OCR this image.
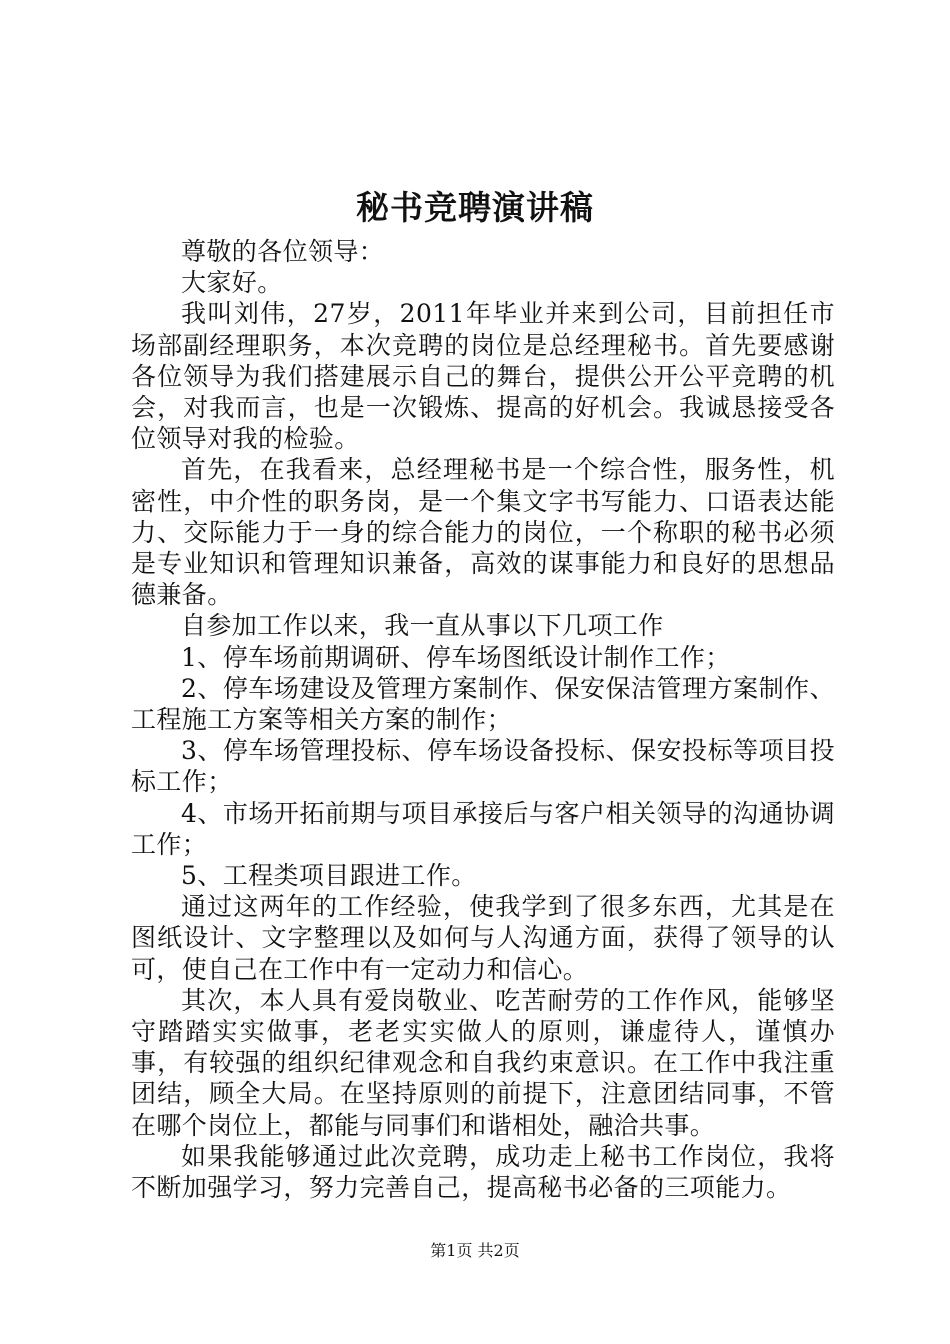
秘书竞聘演讲稿

尊敬的各位领导：

大家好。

我叫刘伟，27岁，2011年毕业并来到公司，目前担任市场部副经理职务，本次竞聘的岗位是总经理秘书。首先要感谢各位领导为我们搭建展示自己的舞台，提供公开公平竞聘的机会，对我而言，也是一次锻炼、提高的好机会。我诚恳接受各位领导对我的检验。

首先，在我看来，总经理秘书是一个综合性，服务性，机密性，中介性的职务岗，是一个集文字书写能力、口语表达能力、交际能力于一身的综合能力的岗位，一个称职的秘书必须是专业知识和管理知识兼备，高效的谋事能力和良好的思想品德兼备。

自参加工作以来，我一直从事以下几项工作

1、停车场前期调研、停车场图纸设计制作工作；

2、停车场建设及管理方案制作、保安保洁管理方案制作、工程施工方案等相关方案的制作；

3、停车场管理投标、停车场设备投标、保安投标等项目投标工作；

4、市场开拓前期与项目承接后与客户相关领导的沟通协调工作；

5、工程类项目跟进工作。

通过这两年的工作经验，使我学到了很多东西，尤其是在图纸设计、文字整理以及如何与人沟通方面，获得了领导的认可，使自己在工作中有一定动力和信心。

其次，本人具有爱岗敬业、吃苦耐劳的工作作风，能够坚守踏踏实实做事，老老实实做人的原则，谦虚待人，谨慎办事，有较强的组织纪律观念和自我约束意识。在工作中我注重团结，顾全大局。在坚持原则的前提下，注意团结同事，不管在哪个岗位上，都能与同事们和谐相处，融洽共事。

如果我能够通过此次竞聘，成功走上秘书工作岗位，我将不断加强学习，努力完善自己，提高秘书必备的三项能力。

第1页 共2页
